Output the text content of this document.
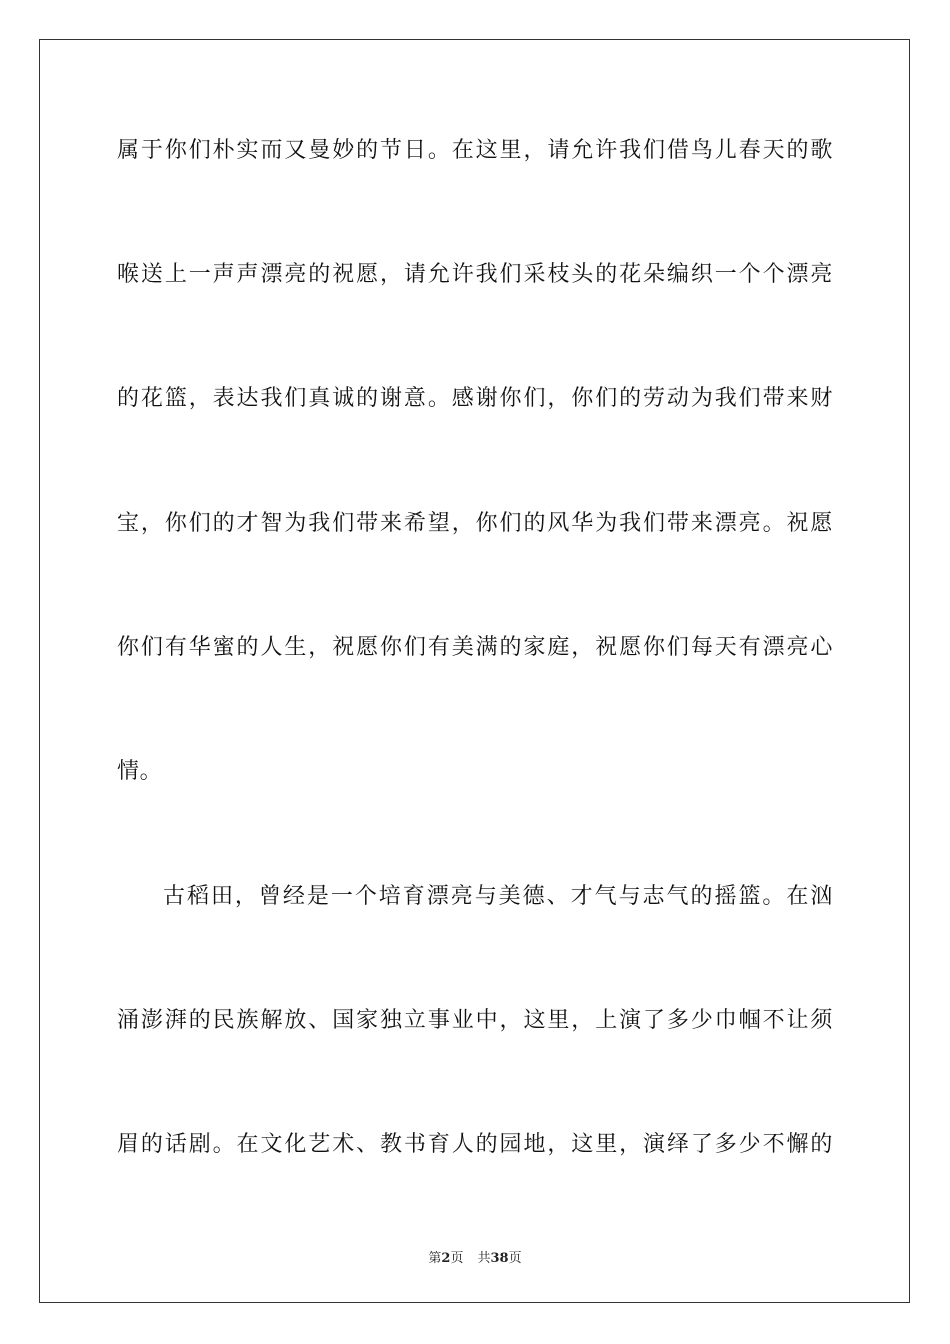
属于你们朴实而又曼妙的节日。在这里，请允许我们借鸟儿春天的歌
喉送上一声声漂亮的祝愿，请允许我们采枝头的花朵编织一个个漂亮
的花篮，表达我们真诚的谢意。感谢你们，你们的劳动为我们带来财
宝，你们的才智为我们带来希望，你们的风华为我们带来漂亮。祝愿
你们有华蜜的人生，祝愿你们有美满的家庭，祝愿你们每天有漂亮心
情。
古稻田，曾经是一个培育漂亮与美德、才气与志气的摇篮。在汹
涌澎湃的民族解放、国家独立事业中，这里，上演了多少巾帼不让须
眉的话剧。在文化艺术、教书育人的园地，这里，演绎了多少不懈的
第2页 共38页
